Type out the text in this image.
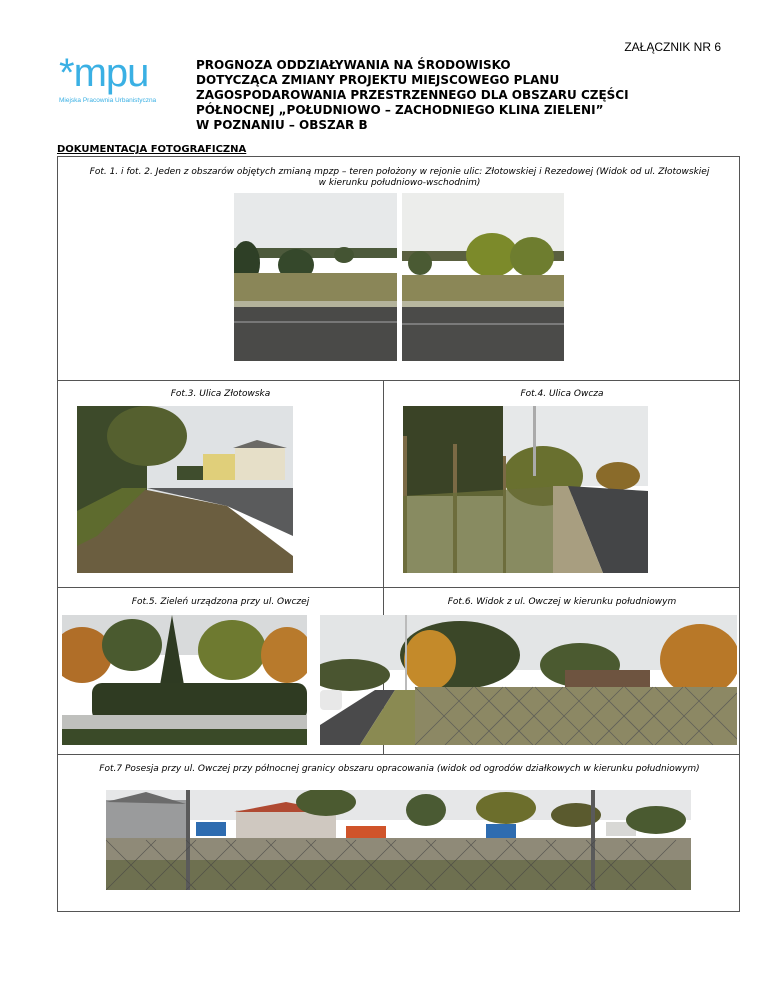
ZAŁĄCZNIK NR 6
*mpu
Miejska Pracownia Urbanistyczna
PROGNOZA ODDZIAŁYWANIA NA ŚRODOWISKO
DOTYCZĄCA ZMIANY PROJEKTU MIEJSCOWEGO PLANU
ZAGOSPODAROWANIA PRZESTRZENNEGO DLA OBSZARU CZĘŚCI
PÓŁNOCNEJ „POŁUDNIOWO – ZACHODNIEGO KLINA ZIELENI”
W POZNANIU – OBSZAR B
DOKUMENTACJA FOTOGRAFICZNA
Fot. 1. i fot. 2. Jeden z obszarów objętych zmianą mpzp – teren położony w rejonie ulic: Złotowskiej i Rezedowej (Widok od ul. Złotowskiej
w kierunku południowo-wschodnim)
Fot.3. Ulica Złotowska	Fot.4. Ulica Owcza
Fot.5. Zieleń urządzona przy ul. Owczej	Fot.6. Widok z ul. Owczej w kierunku południowym
Fot.7 Posesja przy ul. Owczej przy północnej granicy obszaru opracowania (widok od ogrodów działkowych w kierunku południowym)
